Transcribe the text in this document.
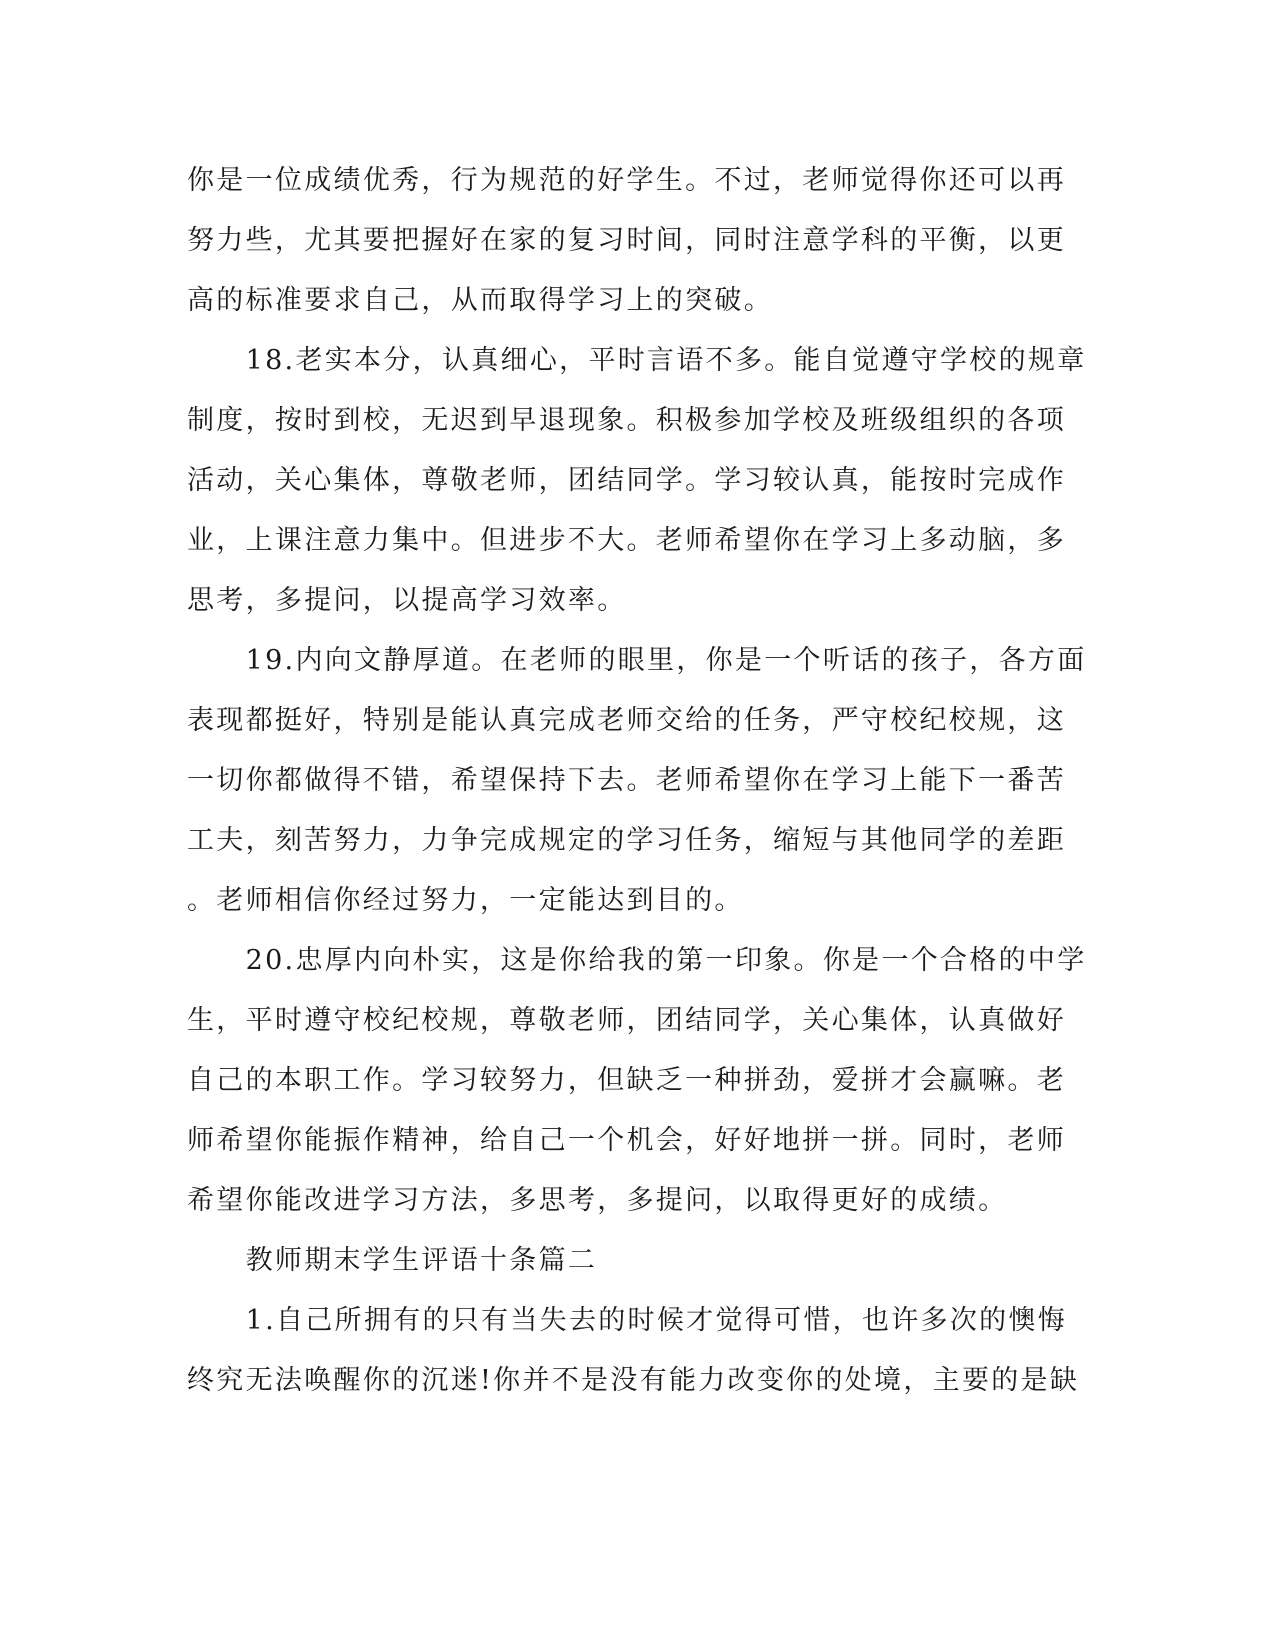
你是一位成绩优秀，行为规范的好学生。不过，老师觉得你还可以再
努力些，尤其要把握好在家的复习时间，同时注意学科的平衡，以更
高的标准要求自己，从而取得学习上的突破。
　　18.老实本分，认真细心，平时言语不多。能自觉遵守学校的规章
制度，按时到校，无迟到早退现象。积极参加学校及班级组织的各项
活动，关心集体，尊敬老师，团结同学。学习较认真，能按时完成作
业，上课注意力集中。但进步不大。老师希望你在学习上多动脑，多
思考，多提问，以提高学习效率。
　　19.内向文静厚道。在老师的眼里，你是一个听话的孩子，各方面
表现都挺好，特别是能认真完成老师交给的任务，严守校纪校规，这
一切你都做得不错，希望保持下去。老师希望你在学习上能下一番苦
工夫，刻苦努力，力争完成规定的学习任务，缩短与其他同学的差距
。老师相信你经过努力，一定能达到目的。
　　20.忠厚内向朴实，这是你给我的第一印象。你是一个合格的中学
生，平时遵守校纪校规，尊敬老师，团结同学，关心集体，认真做好
自己的本职工作。学习较努力，但缺乏一种拼劲，爱拼才会赢嘛。老
师希望你能振作精神，给自己一个机会，好好地拼一拼。同时，老师
希望你能改进学习方法，多思考，多提问，以取得更好的成绩。
　　教师期末学生评语十条篇二
　　1.自己所拥有的只有当失去的时候才觉得可惜，也许多次的懊悔
终究无法唤醒你的沉迷!你并不是没有能力改变你的处境，主要的是缺
